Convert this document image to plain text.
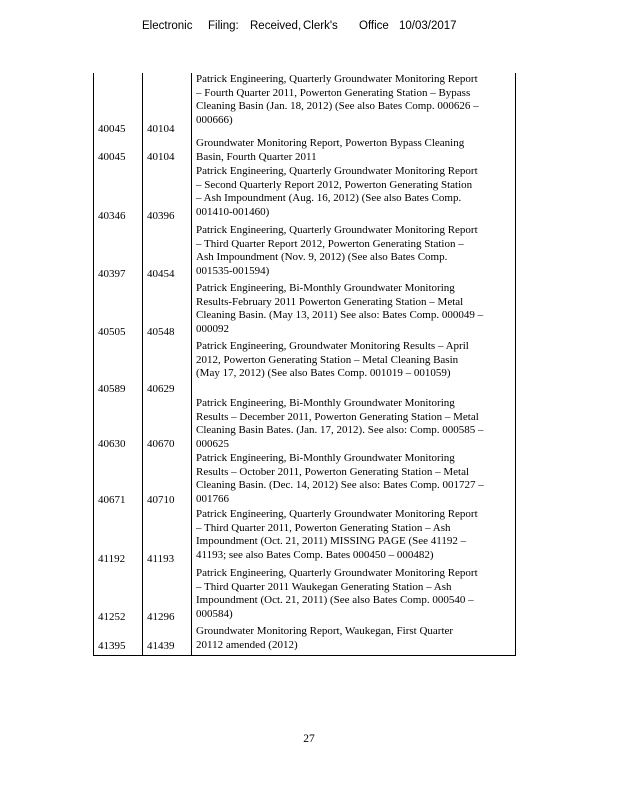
Electronic Filing: Received, Clerk's Office 10/03/2017
40045	40104	Patrick Engineering, Quarterly Groundwater Monitoring Report
– Fourth Quarter 2011, Powerton Generating Station – Bypass
Cleaning Basin (Jan. 18, 2012) (See also Bates Comp. 000626 –
000666)

40045	40104	Groundwater Monitoring Report, Powerton Bypass Cleaning
Basin, Fourth Quarter 2011

40346	40396	Patrick Engineering, Quarterly Groundwater Monitoring Report
– Second Quarterly Report 2012, Powerton Generating Station
– Ash Impoundment (Aug. 16, 2012) (See also Bates Comp.
001410-001460)

40397	40454	Patrick Engineering, Quarterly Groundwater Monitoring Report
– Third Quarter Report 2012, Powerton Generating Station –
Ash Impoundment (Nov. 9, 2012) (See also Bates Comp.
001535-001594)

40505	40548	Patrick Engineering, Bi-Monthly Groundwater Monitoring
Results-February 2011 Powerton Generating Station – Metal
Cleaning Basin. (May 13, 2011) See also: Bates Comp. 000049 –
000092

40589	40629	Patrick Engineering, Groundwater Monitoring Results – April
2012, Powerton Generating Station – Metal Cleaning Basin
(May 17, 2012) (See also Bates Comp. 001019 – 001059)

40630	40670	Patrick Engineering, Bi-Monthly Groundwater Monitoring
Results – December 2011, Powerton Generating Station – Metal
Cleaning Basin Bates. (Jan. 17, 2012). See also: Comp. 000585 –
000625

40671	40710	Patrick Engineering, Bi-Monthly Groundwater Monitoring
Results – October 2011, Powerton Generating Station – Metal
Cleaning Basin. (Dec. 14, 2012) See also: Bates Comp. 001727 –
001766

41192	41193	Patrick Engineering, Quarterly Groundwater Monitoring Report
– Third Quarter 2011, Powerton Generating Station – Ash
Impoundment (Oct. 21, 2011) MISSING PAGE (See 41192 –
41193; see also Bates Comp. Bates 000450 – 000482)

41252	41296	Patrick Engineering, Quarterly Groundwater Monitoring Report
– Third Quarter 2011 Waukegan Generating Station – Ash
Impoundment (Oct. 21, 2011) (See also Bates Comp. 000540 –
000584)

41395	41439	Groundwater Monitoring Report, Waukegan, First Quarter
20112 amended (2012)
27
